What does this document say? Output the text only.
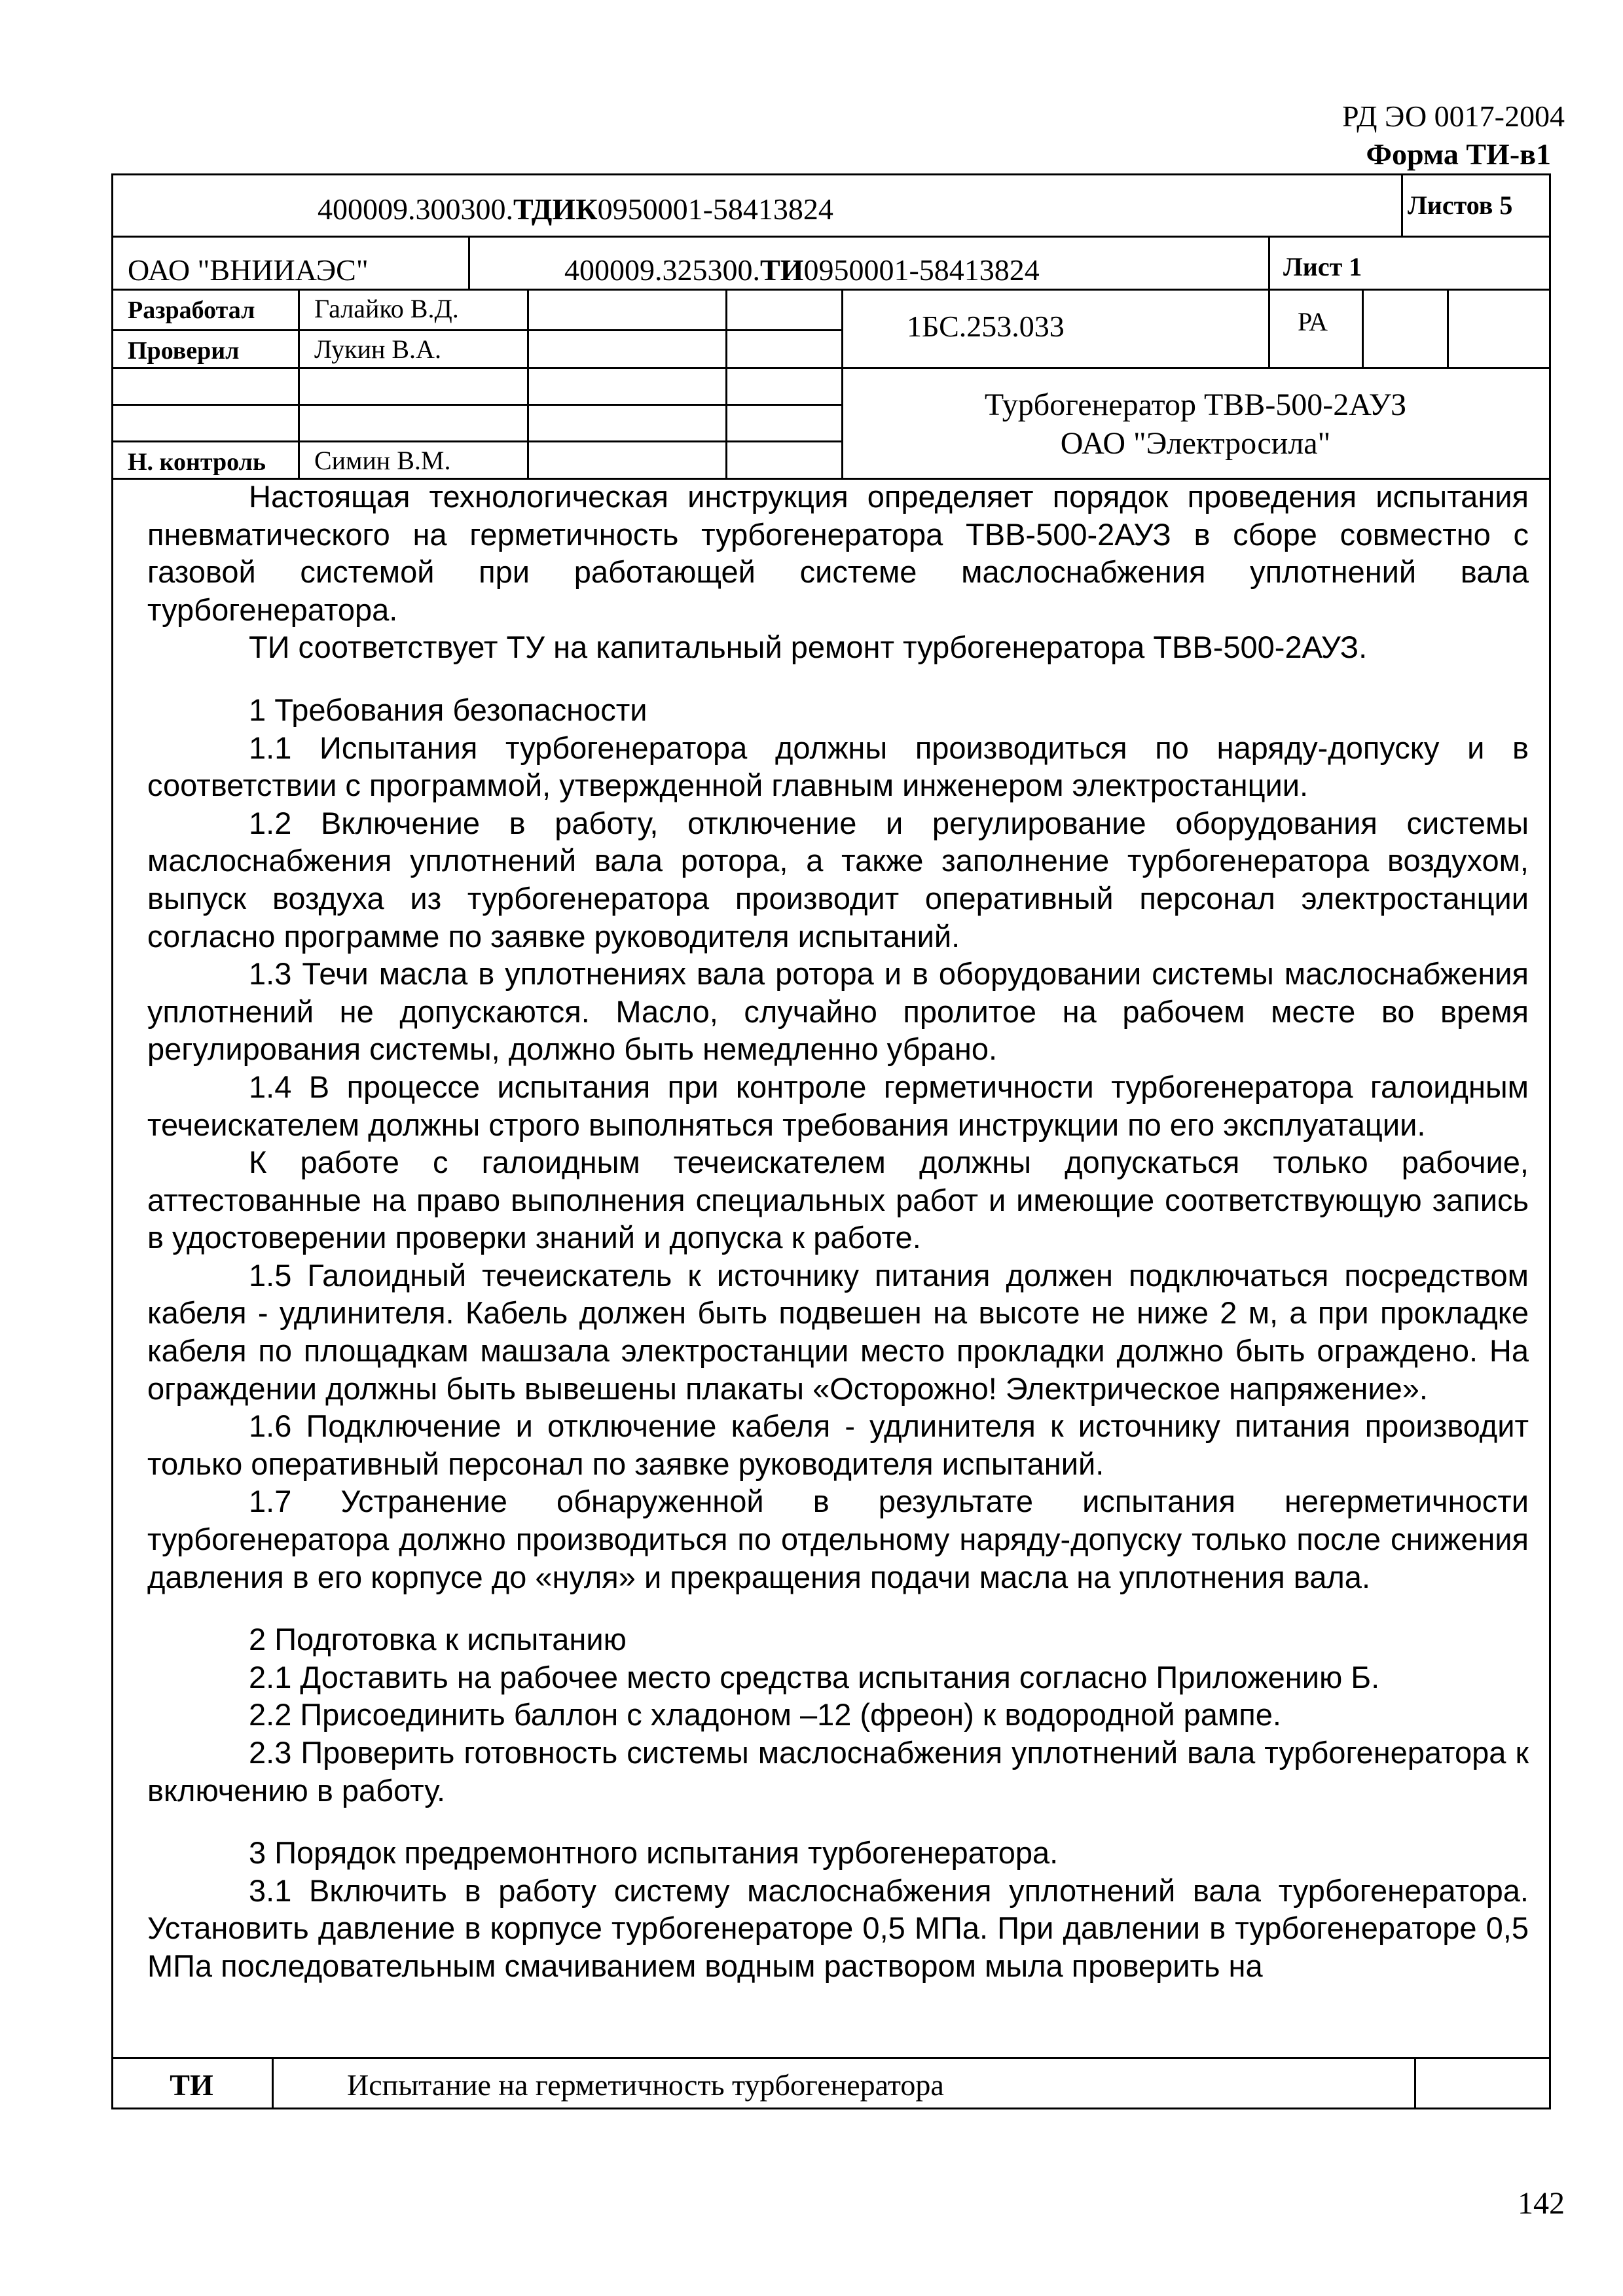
РД ЭО 0017-2004
Форма ТИ-в1
400009.300300.ТДИК0950001-58413824	Листов 5
ОАО "ВНИИАЭС"	400009.325300.ТИ0950001-58413824	Лист 1
Разработал Галайко В.Д.
Проверил	Лукин В.А.
Н. контроль Симин В.М.
1БС.253.033	РА
Турбогенератор ТВВ-500-2АУЗ
ОАО "Электросила"

Настоящая технологическая инструкция определяет порядок проведения испытания пневматического на герметичность турбогенератора ТВВ-500-2АУЗ в сборе совместно с газовой системой при работающей системе маслоснабжения уплотнений вала турбогенератора.

ТИ соответствует ТУ на капитальный ремонт турбогенератора ТВВ-500-2АУЗ.

1 Требования безопасности

1.1 Испытания турбогенератора должны производиться по наряду-допуску и в соответствии с программой, утвержденной главным инженером электростанции.

1.2 Включение в работу, отключение и регулирование оборудования системы маслоснабжения уплотнений вала ротора, а также заполнение турбогенератора воздухом, выпуск воздуха из турбогенератора производит оперативный персонал электростанции согласно программе по заявке руководителя испытаний.

1.3 Течи масла в уплотнениях вала ротора и в оборудовании системы маслоснабжения уплотнений не допускаются. Масло, случайно пролитое на рабочем месте во время регулирования системы, должно быть немедленно убрано.

1.4 В процессе испытания при контроле герметичности турбогенератора галоидным течеискателем должны строго выполняться требования инструкции по его эксплуатации.

К работе с галоидным течеискателем должны допускаться только рабочие, аттестованные на право выполнения специальных работ и имеющие соответствующую запись в удостоверении проверки знаний и допуска к работе.

1.5 Галоидный течеискатель к источнику питания должен подключаться посредством кабеля - удлинителя. Кабель должен быть подвешен на высоте не ниже 2 м, а при прокладке кабеля по площадкам машзала электростанции место прокладки должно быть ограждено. На ограждении должны быть вывешены плакаты «Осторожно! Электрическое напряжение».

1.6 Подключение и отключение кабеля - удлинителя к источнику питания производит только оперативный персонал по заявке руководителя испытаний.

1.7 Устранение обнаруженной в результате испытания негерметичности турбогенератора должно производиться по отдельному наряду-допуску только после снижения давления в его корпусе до «нуля» и прекращения подачи масла на уплотнения вала.

2 Подготовка к испытанию

2.1 Доставить на рабочее место средства испытания согласно Приложению Б.

2.2 Присоединить баллон с хладоном –12 (фреон) к водородной рампе.

2.3 Проверить готовность системы маслоснабжения уплотнений вала турбогенератора к включению в работу.

3 Порядок предремонтного испытания турбогенератора.

3.1 Включить в работу систему маслоснабжения уплотнений вала турбогенератора. Установить давление в корпусе турбогенераторе 0,5 МПа. При давлении в турбогенераторе 0,5 МПа последовательным смачиванием водным раствором мыла проверить на

ТИ	Испытание на герметичность турбогенератора
142
